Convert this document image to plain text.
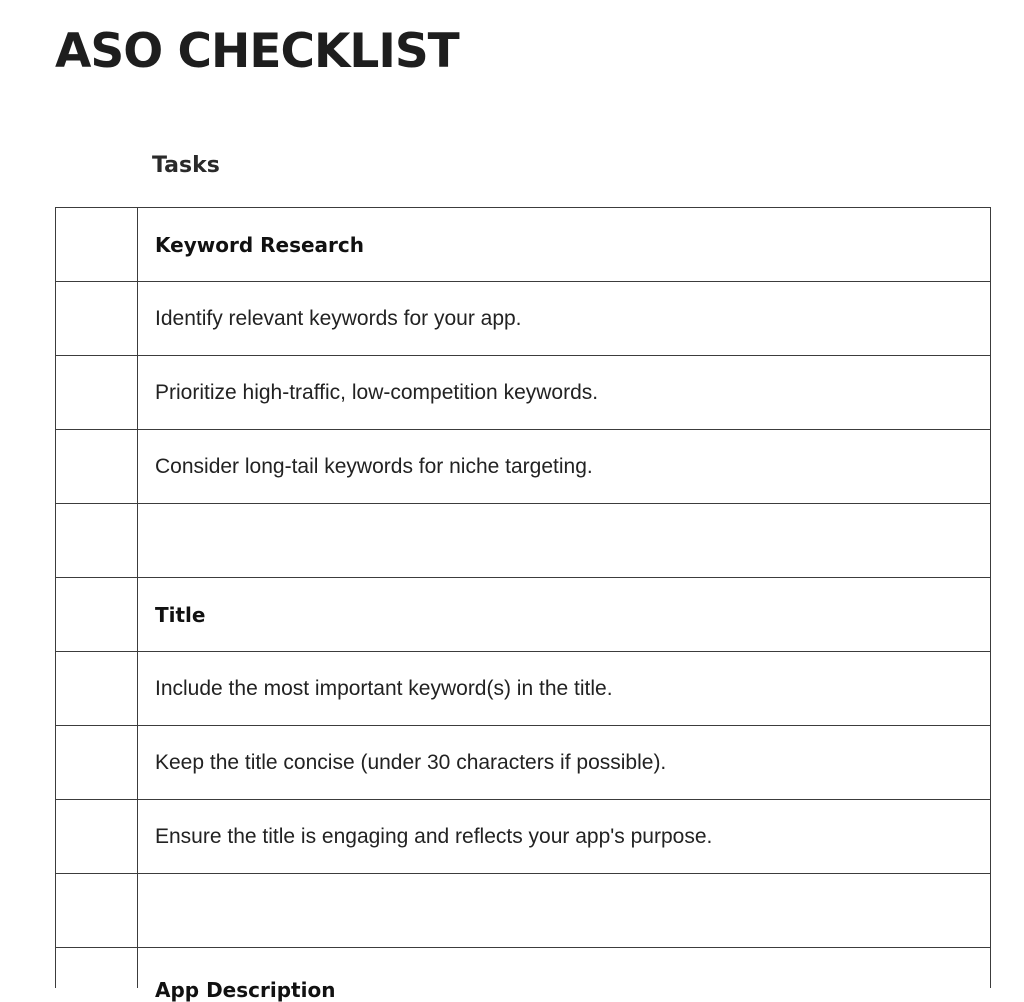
ASO CHECKLIST
Tasks
Keyword Research
Identify relevant keywords for your app.
Prioritize high-traffic, low-competition keywords.
Consider long-tail keywords for niche targeting.
Title
Include the most important keyword(s) in the title.
Keep the title concise (under 30 characters if possible).
Ensure the title is engaging and reflects your app's purpose.
App Description
